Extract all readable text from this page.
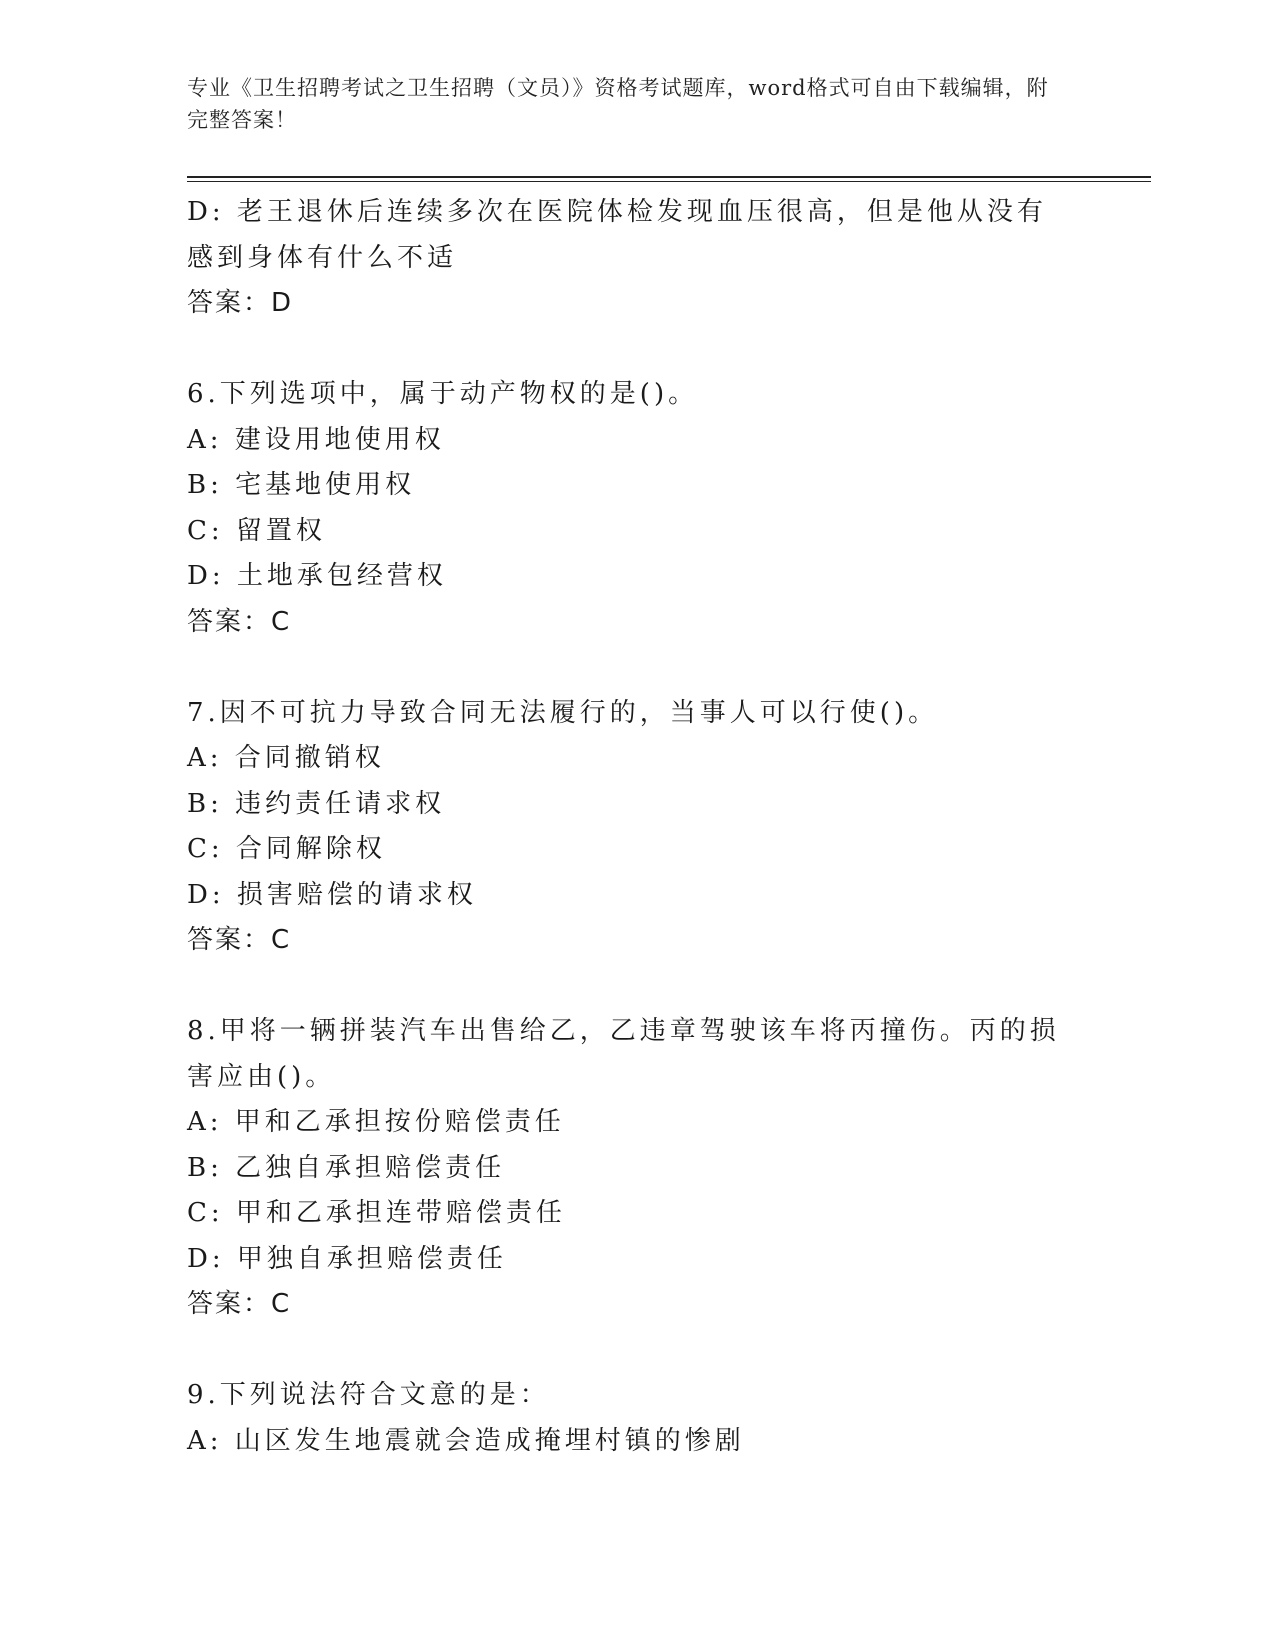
专业《卫生招聘考试之卫生招聘（文员）》资格考试题库，word格式可自由下载编辑，附完整答案！
D: 老王退休后连续多次在医院体检发现血压很高，但是他从没有感到身体有什么不适
答案：D
6.下列选项中，属于动产物权的是()。
A: 建设用地使用权
B: 宅基地使用权
C: 留置权
D: 土地承包经营权
答案：C
7.因不可抗力导致合同无法履行的，当事人可以行使()。
A: 合同撤销权
B: 违约责任请求权
C: 合同解除权
D: 损害赔偿的请求权
答案：C
8.甲将一辆拼装汽车出售给乙，乙违章驾驶该车将丙撞伤。丙的损害应由()。
A: 甲和乙承担按份赔偿责任
B: 乙独自承担赔偿责任
C: 甲和乙承担连带赔偿责任
D: 甲独自承担赔偿责任
答案：C
9.下列说法符合文意的是：
A: 山区发生地震就会造成掩埋村镇的惨剧
